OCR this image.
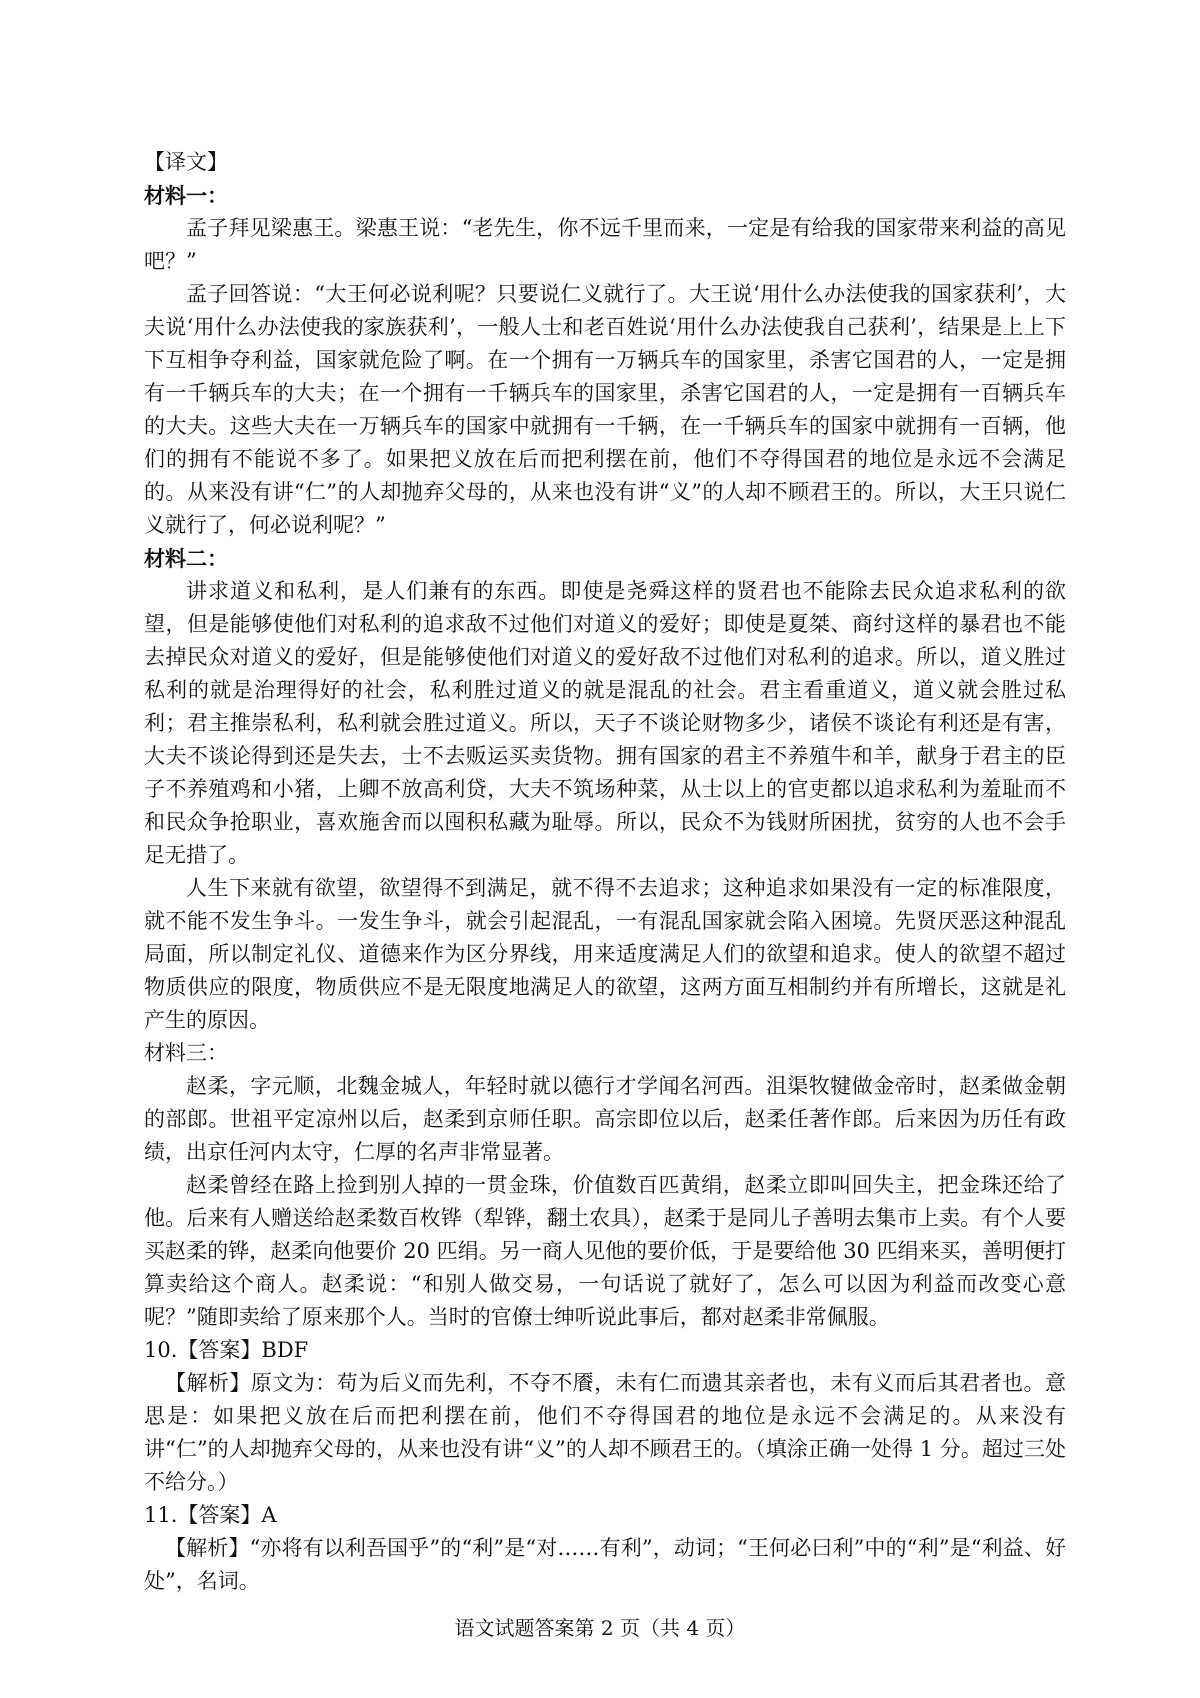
【译文】

材料一：

孟子拜见梁惠王。梁惠王说：“老先生，你不远千里而来，一定是有给我的国家带来利益的高见吧？”

孟子回答说：“大王何必说利呢？只要说仁义就行了。大王说‘用什么办法使我的国家获利’，大夫说‘用什么办法使我的家族获利’，一般人士和老百姓说‘用什么办法使我自己获利’，结果是上上下下互相争夺利益，国家就危险了啊。在一个拥有一万辆兵车的国家里，杀害它国君的人，一定是拥有一千辆兵车的大夫；在一个拥有一千辆兵车的国家里，杀害它国君的人，一定是拥有一百辆兵车的大夫。这些大夫在一万辆兵车的国家中就拥有一千辆，在一千辆兵车的国家中就拥有一百辆，他们的拥有不能说不多了。如果把义放在后而把利摆在前，他们不夺得国君的地位是永远不会满足的。从来没有讲“仁”的人却抛弃父母的，从来也没有讲“义”的人却不顾君王的。所以，大王只说仁义就行了，何必说利呢？”

材料二：

讲求道义和私利，是人们兼有的东西。即使是尧舜这样的贤君也不能除去民众追求私利的欲望，但是能够使他们对私利的追求敌不过他们对道义的爱好；即使是夏桀、商纣这样的暴君也不能去掉民众对道义的爱好，但是能够使他们对道义的爱好敌不过他们对私利的追求。所以，道义胜过私利的就是治理得好的社会，私利胜过道义的就是混乱的社会。君主看重道义，道义就会胜过私利；君主推崇私利，私利就会胜过道义。所以，天子不谈论财物多少，诸侯不谈论有利还是有害，大夫不谈论得到还是失去，士不去贩运买卖货物。拥有国家的君主不养殖牛和羊，献身于君主的臣子不养殖鸡和小猪，上卿不放高利贷，大夫不筑场种菜，从士以上的官吏都以追求私利为羞耻而不和民众争抢职业，喜欢施舍而以囤积私藏为耻辱。所以，民众不为钱财所困扰，贫穷的人也不会手足无措了。

人生下来就有欲望，欲望得不到满足，就不得不去追求；这种追求如果没有一定的标准限度，就不能不发生争斗。一发生争斗，就会引起混乱，一有混乱国家就会陷入困境。先贤厌恶这种混乱局面，所以制定礼仪、道德来作为区分界线，用来适度满足人们的欲望和追求。使人的欲望不超过物质供应的限度，物质供应不是无限度地满足人的欲望，这两方面互相制约并有所增长，这就是礼产生的原因。

材料三：

赵柔，字元顺，北魏金城人，年轻时就以德行才学闻名河西。沮渠牧犍做金帝时，赵柔做金朝的部郎。世祖平定凉州以后，赵柔到京师任职。高宗即位以后，赵柔任著作郎。后来因为历任有政绩，出京任河内太守，仁厚的名声非常显著。

赵柔曾经在路上捡到别人掉的一贯金珠，价值数百匹黄绢，赵柔立即叫回失主，把金珠还给了他。后来有人赠送给赵柔数百枚铧（犁铧，翻土农具），赵柔于是同儿子善明去集市上卖。有个人要买赵柔的铧，赵柔向他要价 20 匹绢。另一商人见他的要价低，于是要给他 30 匹绢来买，善明便打算卖给这个商人。赵柔说：“和别人做交易，一句话说了就好了，怎么可以因为利益而改变心意呢？”随即卖给了原来那个人。当时的官僚士绅听说此事后，都对赵柔非常佩服。

10.【答案】BDF

【解析】原文为：苟为后义而先利，不夺不餍，未有仁而遗其亲者也，未有义而后其君者也。意思是：如果把义放在后而把利摆在前，他们不夺得国君的地位是永远不会满足的。从来没有讲“仁”的人却抛弃父母的，从来也没有讲“义”的人却不顾君王的。（填涂正确一处得 1 分。超过三处不给分。）

11.【答案】A

【解析】“亦将有以利吾国乎”的“利”是“对……有利”，动词；“王何必曰利”中的“利”是“利益、好处”，名词。

语文试题答案第 2 页（共 4 页）
